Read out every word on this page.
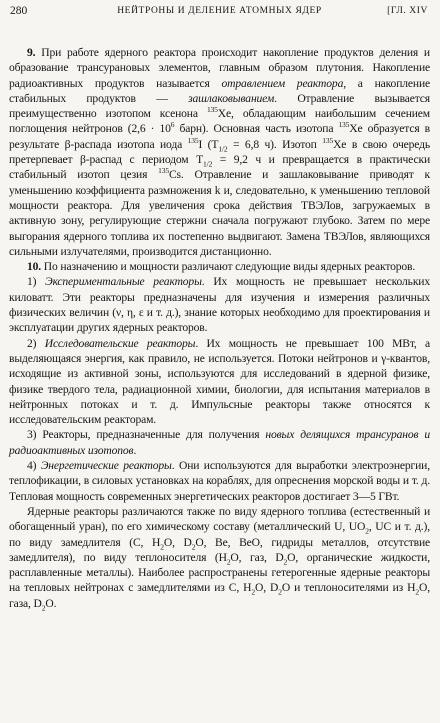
280	НЕЙТРОНЫ И ДЕЛЕНИЕ АТОМНЫХ ЯДЕР	[ГЛ. XIV

9. При работе ядерного реактора происходит накопление продуктов деления и образование трансурановых элементов, главным образом плутония. Накопление радиоактивных продуктов называется отравлением реактора, а накопление стабильных продуктов — зашлаковыванием. Отравление вызывается преимущественно изотопом ксенона $^{135}$Xe, обладающим наибольшим сечением поглощения нейтронов ($2,6 \cdot 10^6$ барн). Основная часть изотопа $^{135}$Xe образуется в результате β-распада изотопа иода $^{135}$I ($T_{1/2} = 6,8$ ч). Изотоп $^{135}$Xe в свою очередь претерпевает β-распад с периодом $T_{1/2} = 9,2$ ч и превращается в практически стабильный изотоп цезия $^{135}$Cs. Отравление и зашлаковывание приводят к уменьшению коэффициента размножения k и, следовательно, к уменьшению тепловой мощности реактора. Для увеличения срока действия ТВЭЛов, загружаемых в активную зону, регулирующие стержни сначала погружают глубоко. Затем по мере выгорания ядерного топлива их постепенно выдвигают. Замена ТВЭЛов, являющихся сильными излучателями, производится дистанционно.

10. По назначению и мощности различают следующие виды ядерных реакторов.

1) Экспериментальные реакторы. Их мощность не превышает нескольких киловатт. Эти реакторы предназначены для изучения и измерения различных физических величин (ν, η, ε и т. д.), знание которых необходимо для проектирования и эксплуатации других ядерных реакторов.

2) Исследовательские реакторы. Их мощность не превышает 100 МВт, а выделяющаяся энергия, как правило, не используется. Потоки нейтронов и γ-квантов, исходящие из активной зоны, используются для исследований в ядерной физике, физике твердого тела, радиационной химии, биологии, для испытания материалов в нейтронных потоках и т. д. Импульсные реакторы также относятся к исследовательским реакторам.

3) Реакторы, предназначенные для получения новых делящихся трансуранов и радиоактивных изотопов.

4) Энергетические реакторы. Они используются для выработки электроэнергии, теплофикации, в силовых установках на кораблях, для опреснения морской воды и т. д. Тепловая мощность современных энергетических реакторов достигает 3—5 ГВт.

Ядерные реакторы различаются также по виду ядерного топлива (естественный и обогащенный уран), по его химическому составу (металлический U, $UO_2$, UC и т. д.), по виду замедлителя (C, $H_2O$, $D_2O$, Be, BeO, гидриды металлов, отсутствие замедлителя), по виду теплоносителя ($H_2O$, газ, $D_2O$, органические жидкости, расплавленные металлы). Наиболее распространены гетерогенные ядерные реакторы на тепловых нейтронах с замедлителями из C, $H_2O$, $D_2O$ и теплоносителями из $H_2O$, газа, $D_2O$.
